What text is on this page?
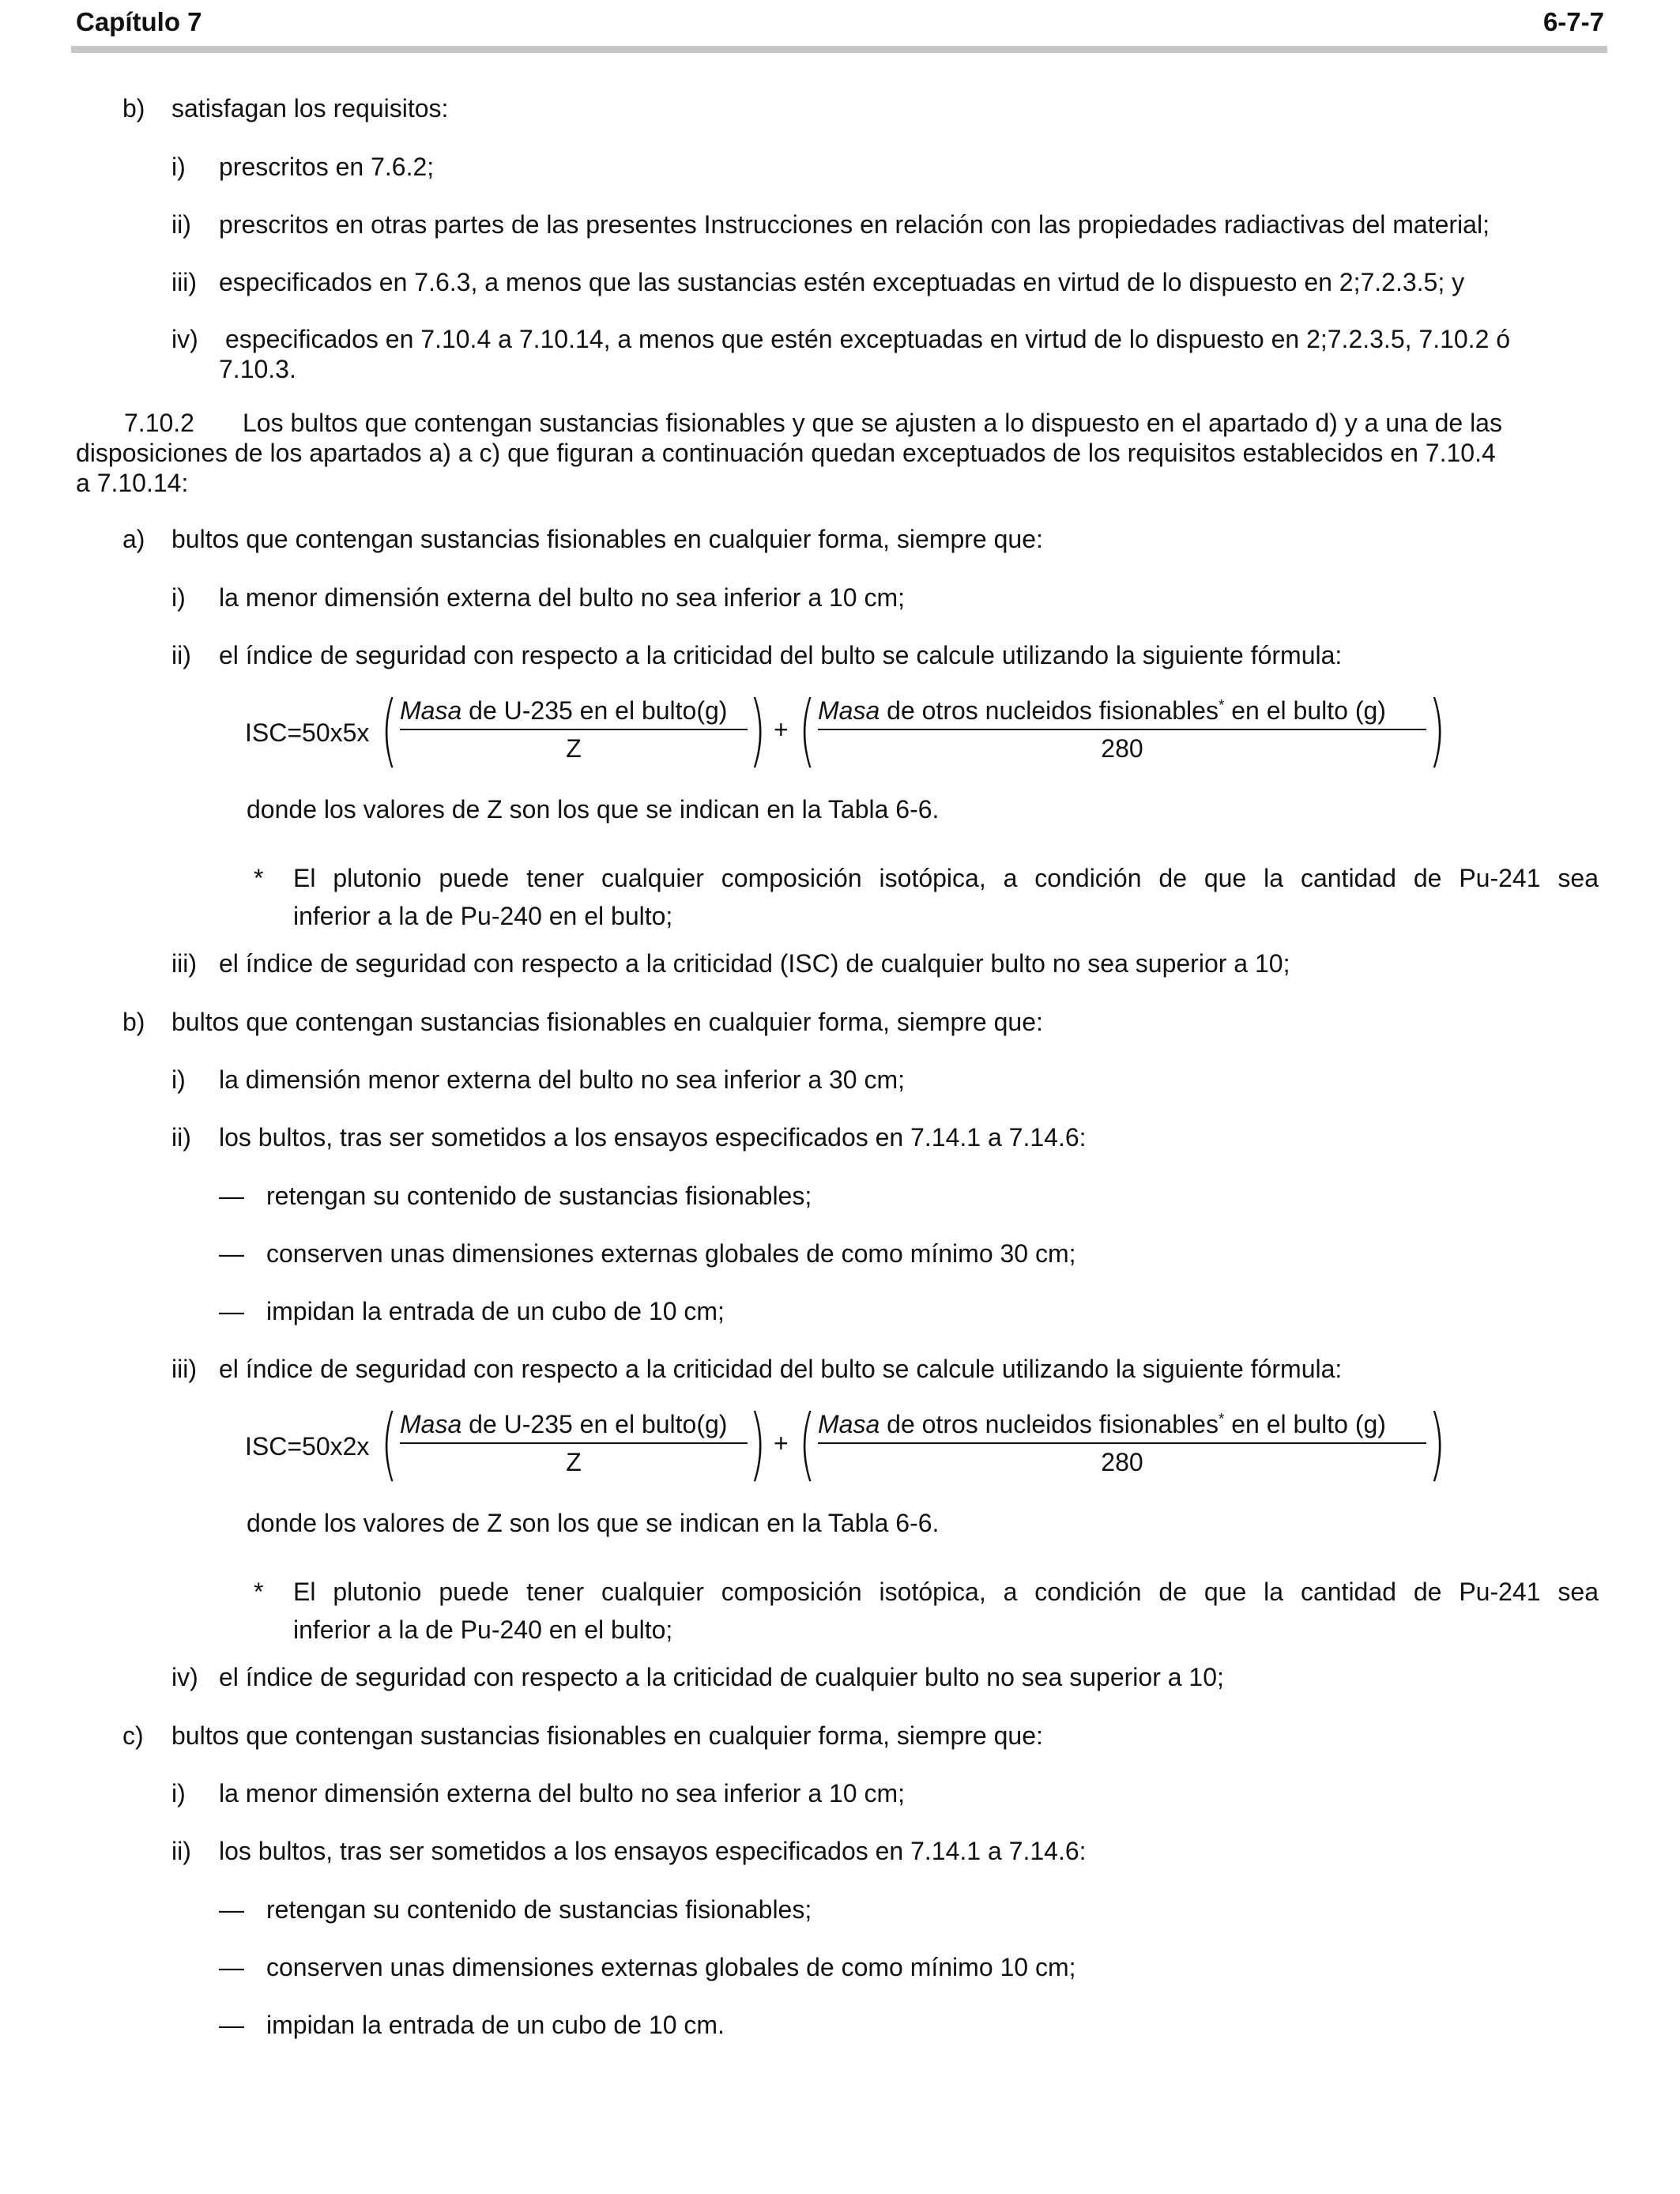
Capítulo 7	6-7-7
b) satisfagan los requisitos:
i) prescritos en 7.6.2;
ii) prescritos en otras partes de las presentes Instrucciones en relación con las propiedades radiactivas del material;
iii) especificados en 7.6.3, a menos que las sustancias estén exceptuadas en virtud de lo dispuesto en 2;7.2.3.5; y
iv) especificados en 7.10.4 a 7.10.14, a menos que estén exceptuadas en virtud de lo dispuesto en 2;7.2.3.5, 7.10.2 ó
7.10.3.
7.10.2 Los bultos que contengan sustancias fisionables y que se ajusten a lo dispuesto en el apartado d) y a una de las
disposiciones de los apartados a) a c) que figuran a continuación quedan exceptuados de los requisitos establecidos en 7.10.4
a 7.10.14:
a) bultos que contengan sustancias fisionables en cualquier forma, siempre que:
i) la menor dimensión externa del bulto no sea inferior a 10 cm;
ii) el índice de seguridad con respecto a la criticidad del bulto se calcule utilizando la siguiente fórmula:
ISC=50x5x ( Masa de U-235 en el bulto(g)
Z	) + ( Masa de otros nucleidos fisionables* en el bulto (g)
280	)
donde los valores de Z son los que se indican en la Tabla 6-6.
* El plutonio puede tener cualquier composición isotópica, a condición de que la cantidad de Pu-241 sea
inferior a la de Pu-240 en el bulto;
iii) el índice de seguridad con respecto a la criticidad (ISC) de cualquier bulto no sea superior a 10;
b) bultos que contengan sustancias fisionables en cualquier forma, siempre que:
i) la dimensión menor externa del bulto no sea inferior a 30 cm;
ii) los bultos, tras ser sometidos a los ensayos especificados en 7.14.1 a 7.14.6:
— retengan su contenido de sustancias fisionables;
— conserven unas dimensiones externas globales de como mínimo 30 cm;
— impidan la entrada de un cubo de 10 cm;
iii) el índice de seguridad con respecto a la criticidad del bulto se calcule utilizando la siguiente fórmula:
ISC=50x2x ( Masa de U-235 en el bulto(g)
Z	) + ( Masa de otros nucleidos fisionables* en el bulto (g)
280	)
donde los valores de Z son los que se indican en la Tabla 6-6.
* El plutonio puede tener cualquier composición isotópica, a condición de que la cantidad de Pu-241 sea
inferior a la de Pu-240 en el bulto;
iv) el índice de seguridad con respecto a la criticidad de cualquier bulto no sea superior a 10;
c) bultos que contengan sustancias fisionables en cualquier forma, siempre que:
i) la menor dimensión externa del bulto no sea inferior a 10 cm;
ii) los bultos, tras ser sometidos a los ensayos especificados en 7.14.1 a 7.14.6:
— retengan su contenido de sustancias fisionables;
— conserven unas dimensiones externas globales de como mínimo 10 cm;
— impidan la entrada de un cubo de 10 cm.
